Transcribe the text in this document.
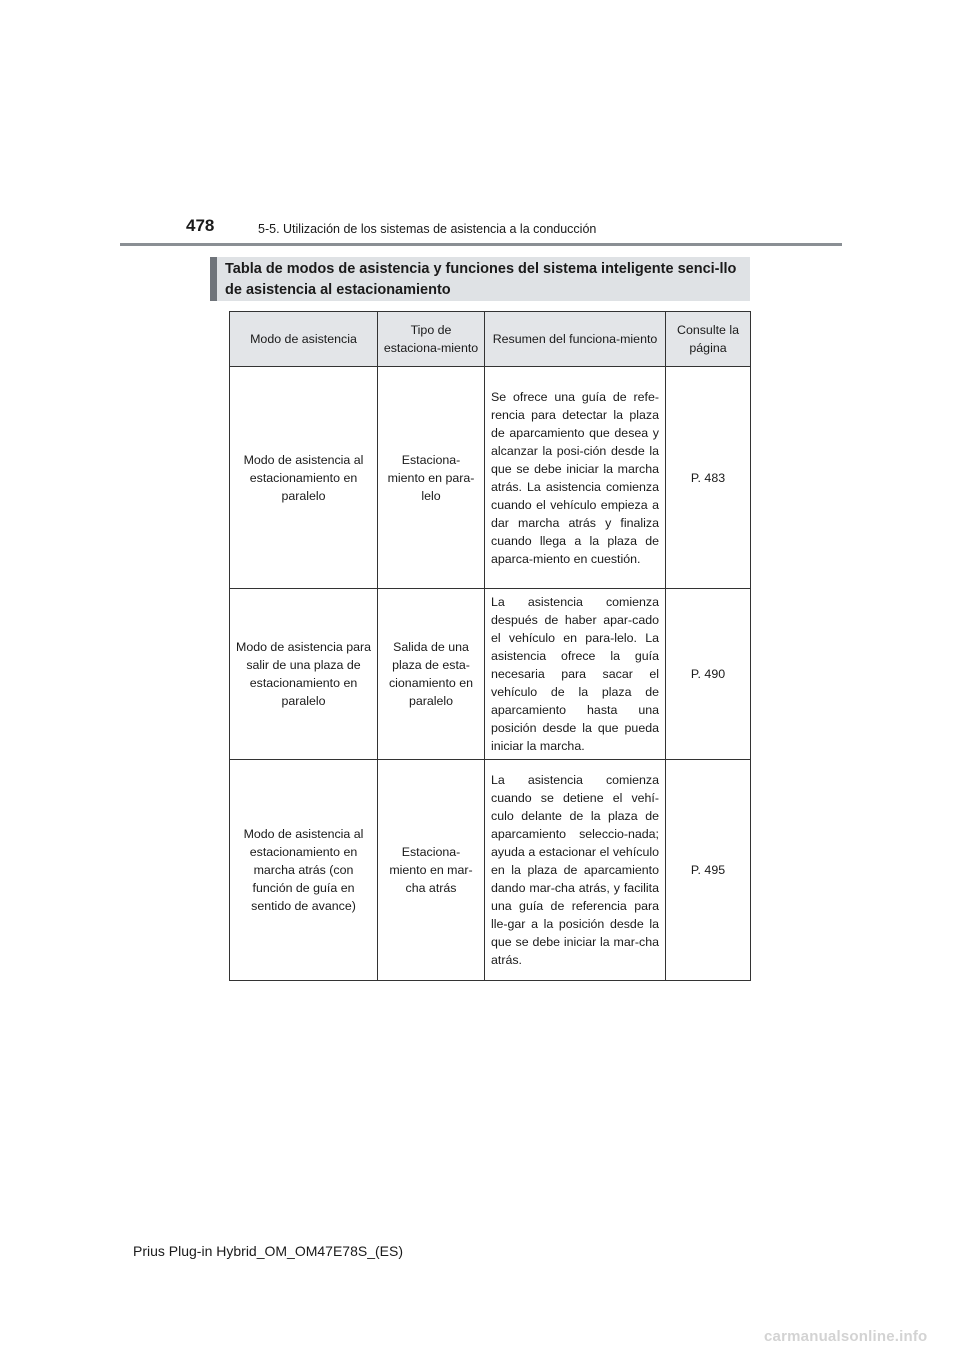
478	5-5. Utilización de los sistemas de asistencia a la conducción
Tabla de modos de asistencia y funciones del sistema inteligente senci-llo de asistencia al estacionamiento
Modo de asistencia	Tipo de estaciona-miento	Resumen del funciona-miento	Consulte la página
Modo de asistencia al estacionamiento en paralelo	Estaciona-miento en para-lelo	Se ofrece una guía de refe-rencia para detectar la plaza de aparcamiento que desea y alcanzar la posi-ción desde la que se debe iniciar la marcha atrás. La asistencia comienza cuando el vehículo empieza a dar marcha atrás y finaliza cuando llega a la plaza de aparca-miento en cuestión.	P. 483
Modo de asistencia para salir de una plaza de estacionamiento en paralelo	Salida de una plaza de esta-cionamiento en paralelo	La asistencia comienza después de haber apar-cado el vehículo en para-lelo. La asistencia ofrece la guía necesaria para sacar el vehículo de la plaza de aparcamiento hasta una posición desde la que pueda iniciar la marcha.	P. 490
Modo de asistencia al estacionamiento en marcha atrás (con función de guía en sentido de avance)	Estaciona-miento en mar-cha atrás	La asistencia comienza cuando se detiene el vehí-culo delante de la plaza de aparcamiento seleccio-nada; ayuda a estacionar el vehículo en la plaza de aparcamiento dando mar-cha atrás, y facilita una guía de referencia para lle-gar a la posición desde la que se debe iniciar la mar-cha atrás.	P. 495
Prius Plug-in Hybrid_OM_OM47E78S_(ES)
carmanualsonline.info
